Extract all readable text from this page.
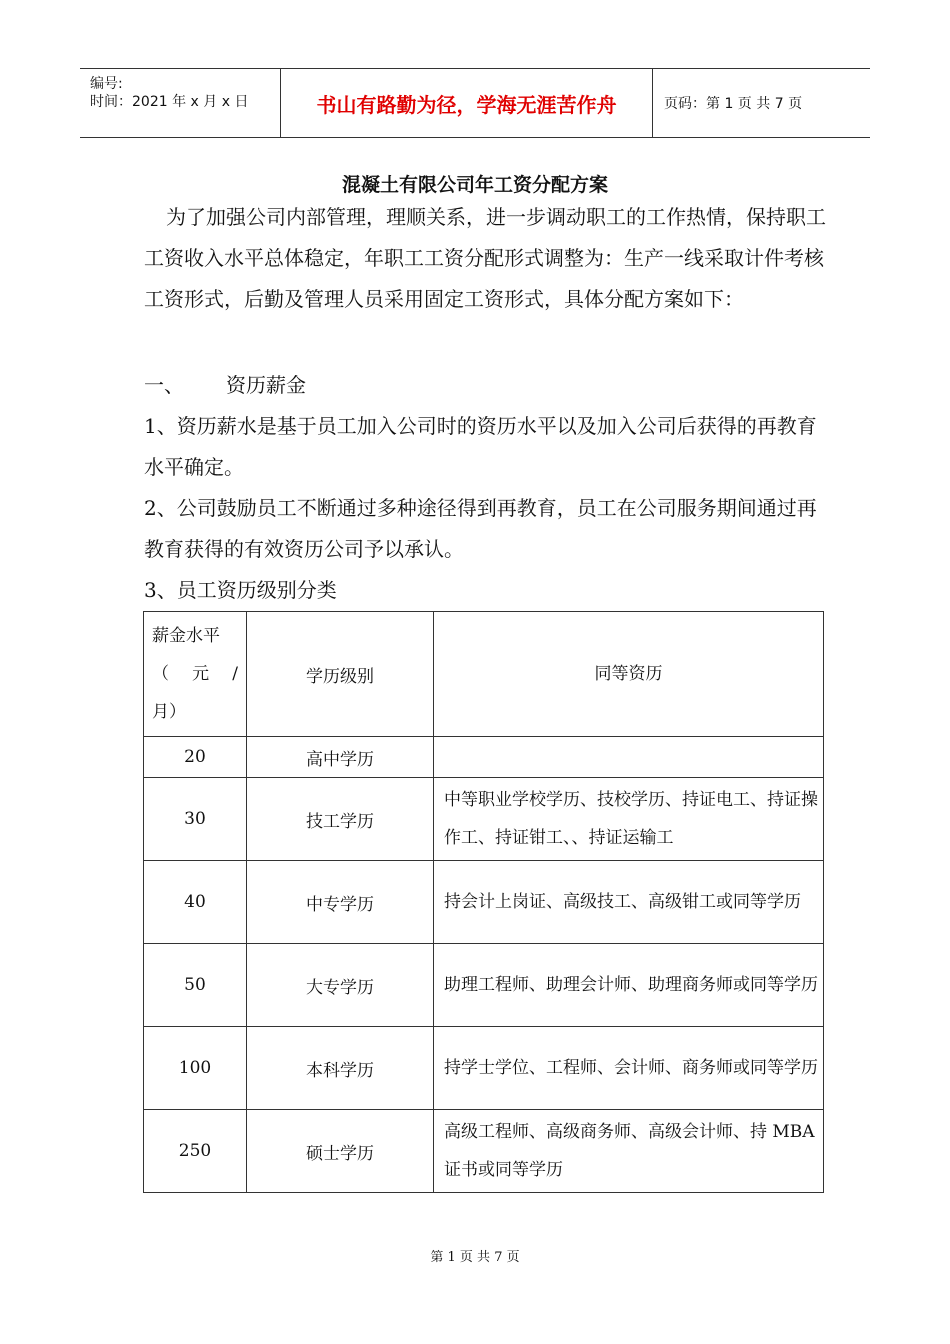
编号:
时间：2021 年 x 月 x 日	书山有路勤为径，学海无涯苦作舟	页码：第 1 页 共 7 页
混凝土有限公司年工资分配方案
为了加强公司内部管理，理顺关系，进一步调动职工的工作热情，保持职工工资收入水平总体稳定，年职工工资分配形式调整为：生产一线采取计件考核工资形式，后勤及管理人员采用固定工资形式，具体分配方案如下：
一、 资历薪金
1、资历薪水是基于员工加入公司时的资历水平以及加入公司后获得的再教育水平确定。
2、公司鼓励员工不断通过多种途径得到再教育，员工在公司服务期间通过再教育获得的有效资历公司予以承认。
3、员工资历级别分类
薪金水平
（ 元 /
月）	学历级别	同等资历
20	高中学历	
30	技工学历	中等职业学校学历、技校学历、持证电工、持证操作工、持证钳工、、持证运输工
40	中专学历	持会计上岗证、高级技工、高级钳工或同等学历
50	大专学历	助理工程师、助理会计师、助理商务师或同等学历
100	本科学历	持学士学位、工程师、会计师、商务师或同等学历
250	硕士学历	高级工程师、高级商务师、高级会计师、持 MBA 证书或同等学历
第 1 页 共 7 页
